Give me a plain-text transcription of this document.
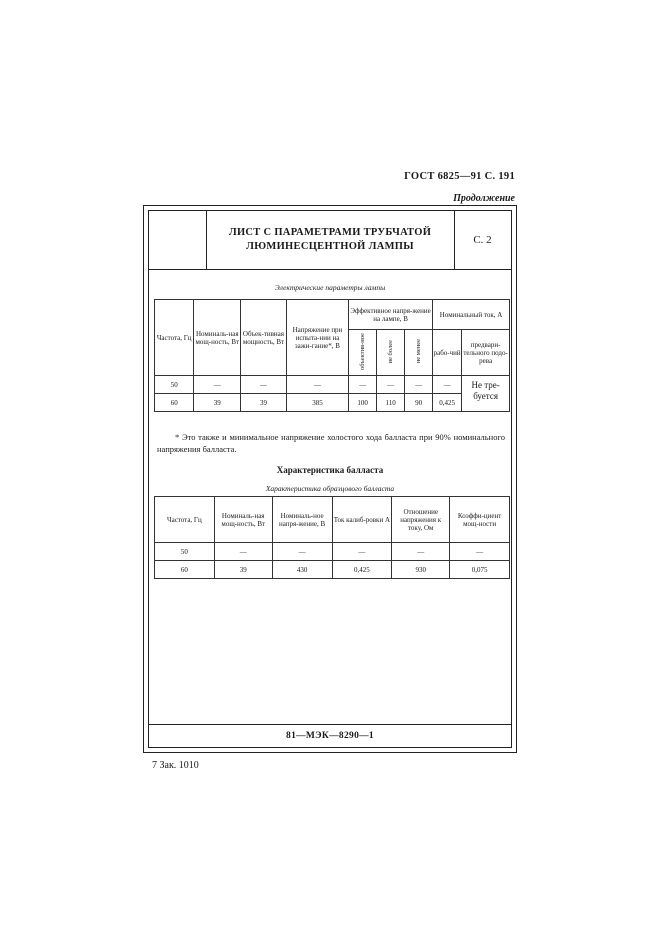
ГОСТ 6825—91 С. 191
Продолжение
ЛИСТ С ПАРАМЕТРАМИ ТРУБЧАТОЙ
ЛЮМИНЕСЦЕНТНОЙ ЛАМПЫ
С. 2
Электрические параметры лампы
Частота, Гц	Номиналь-ная мощ-ность, Вт	Объек-тивная мощность, Вт	Напряжение при испыта-нии на зажи-гание*, В	Эффективное напря-жение на лампе, В			Номинальный ток, А	
				объектив-ное	не более	не менее	рабо-чий	предвари-тельного подо-рева
50	—	—	—	—	—	—	—	Не тре-буется
60	39	39	385	100	110	90	0,425	
* Это также и минимальное напряжение холостого хода балласта при 90% номинального напряжения балласта.
Характеристика балласта
Характеристика образцового балласта
Частота, Гц	Номиналь-ная мощ-ность, Вт	Номиналь-ное напря-жение, В	Ток калиб-ровки А	Отношение напряжения к току, Ом	Коэффи-циент мощ-ности
50	—	—	—	—	—
60	39	430	0,425	930	0,075
81—МЭК—8290—1
7 Зак. 1010
